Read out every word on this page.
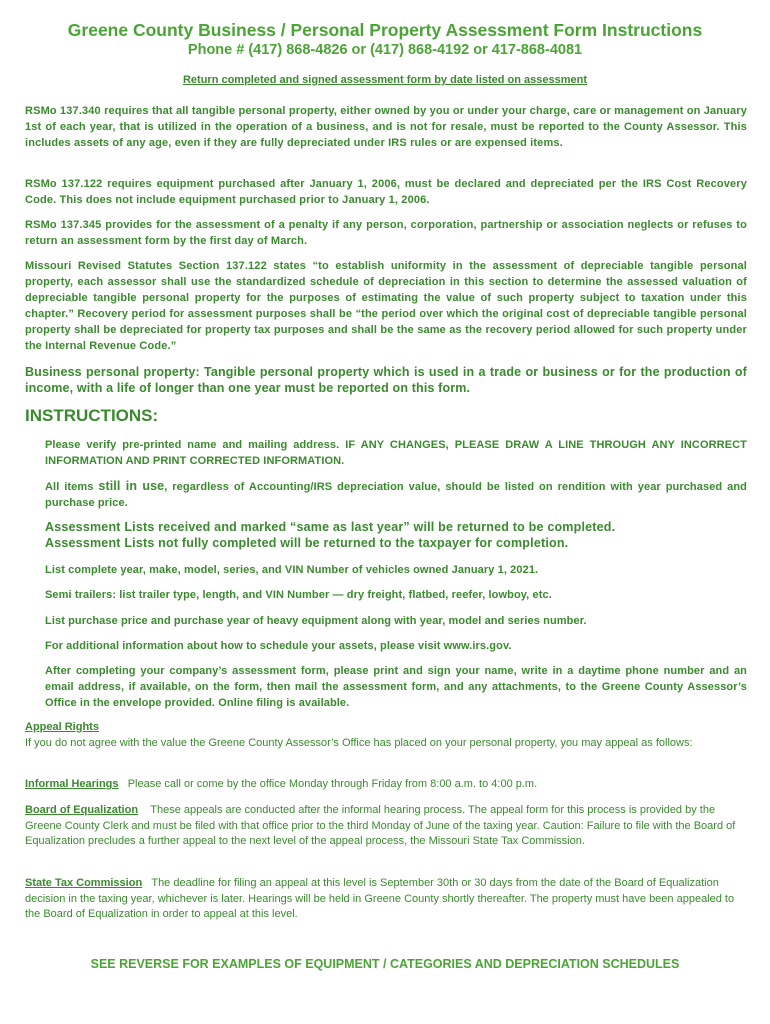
Greene County Business / Personal Property Assessment Form Instructions
Phone # (417) 868-4826 or (417) 868-4192 or 417-868-4081
Return completed and signed assessment form by date listed on assessment

RSMo 137.340 requires that all tangible personal property, either owned by you or under your charge, care or management on January 1st of each year, that is utilized in the operation of a business, and is not for resale, must be reported to the County Assessor. This includes assets of any age, even if they are fully depreciated under IRS rules or are expensed items.

RSMo 137.122 requires equipment purchased after January 1, 2006, must be declared and depreciated per the IRS Cost Recovery Code. This does not include equipment purchased prior to January 1, 2006.

RSMo 137.345 provides for the assessment of a penalty if any person, corporation, partnership or association neglects or refuses to return an assessment form by the first day of March.

Missouri Revised Statutes Section 137.122 states “to establish uniformity in the assessment of depreciable tangible personal property, each assessor shall use the standardized schedule of depreciation in this section to determine the assessed valuation of depreciable tangible personal property for the purposes of estimating the value of such property subject to taxation under this chapter.” Recovery period for assessment purposes shall be “the period over which the original cost of depreciable tangible personal property shall be depreciated for property tax purposes and shall be the same as the recovery period allowed for such property under the Internal Revenue Code.”

Business personal property: Tangible personal property which is used in a trade or business or for the production of income, with a life of longer than one year must be reported on this form.

INSTRUCTIONS:

Please verify pre-printed name and mailing address. IF ANY CHANGES, PLEASE DRAW A LINE THROUGH ANY INCORRECT INFORMATION AND PRINT CORRECTED INFORMATION.

All items still in use, regardless of Accounting/IRS depreciation value, should be listed on rendition with year purchased and purchase price.

Assessment Lists received and marked “same as last year” will be returned to be completed.

Assessment Lists not fully completed will be returned to the taxpayer for completion.

List complete year, make, model, series, and VIN Number of vehicles owned January 1, 2021.

Semi trailers: list trailer type, length, and VIN Number — dry freight, flatbed, reefer, lowboy, etc.

List purchase price and purchase year of heavy equipment along with year, model and series number.

For additional information about how to schedule your assets, please visit www.irs.gov.

After completing your company’s assessment form, please print and sign your name, write in a daytime phone number and an email address, if available, on the form, then mail the assessment form, and any attachments, to the Greene County Assessor’s Office in the envelope provided. Online filing is available.

Appeal Rights

If you do not agree with the value the Greene County Assessor’s Office has placed on your personal property, you may appeal as follows:

Informal Hearings Please call or come by the office Monday through Friday from 8:00 a.m. to 4:00 p.m.

Board of Equalization These appeals are conducted after the informal hearing process. The appeal form for this process is provided by the Greene County Clerk and must be filed with that office prior to the third Monday of June of the taxing year. Caution: Failure to file with the Board of Equalization precludes a further appeal to the next level of the appeal process, the Missouri State Tax Commission.

State Tax Commission The deadline for filing an appeal at this level is September 30th or 30 days from the date of the Board of Equalization decision in the taxing year, whichever is later. Hearings will be held in Greene County shortly thereafter. The property must have been appealed to the Board of Equalization in order to appeal at this level.

SEE REVERSE FOR EXAMPLES OF EQUIPMENT / CATEGORIES AND DEPRECIATION SCHEDULES
